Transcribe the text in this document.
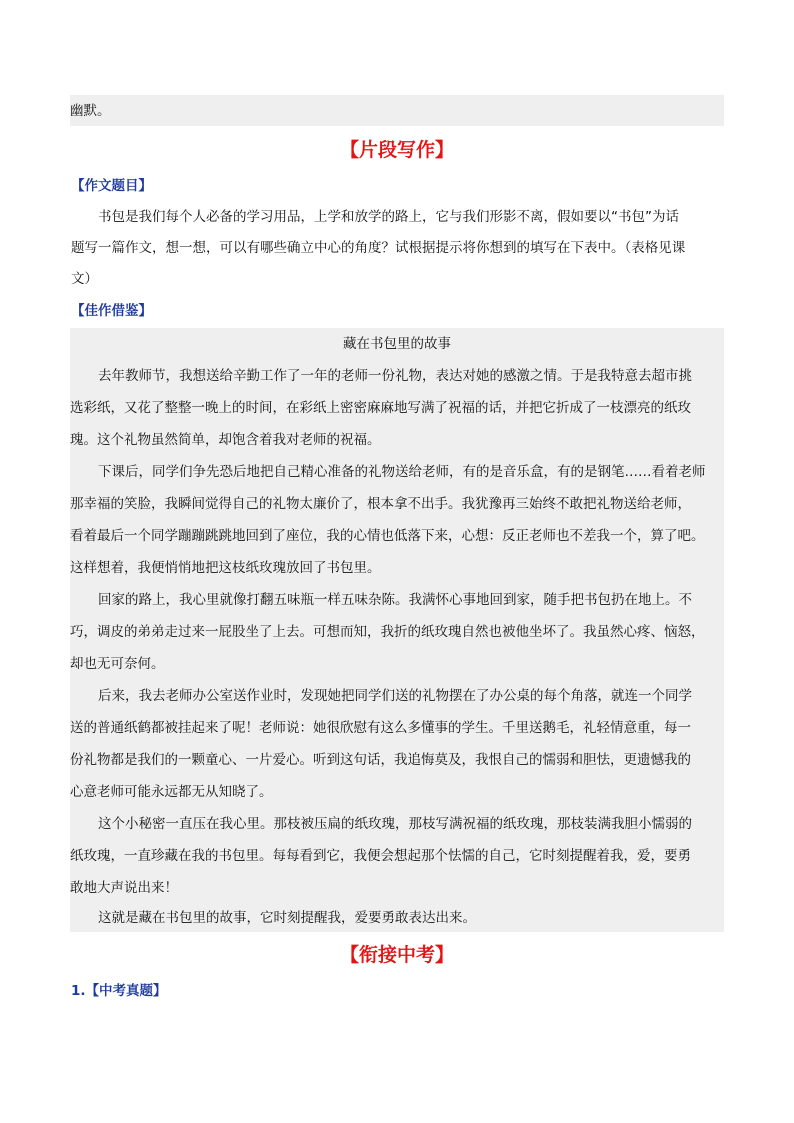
幽默。
【片段写作】
【作文题目】
书包是我们每个人必备的学习用品，上学和放学的路上，它与我们形影不离，假如要以“书包”为话
题写一篇作文，想一想，可以有哪些确立中心的角度？试根据提示将你想到的填写在下表中。（表格见课
文）
【佳作借鉴】
藏在书包里的故事
去年教师节，我想送给辛勤工作了一年的老师一份礼物，表达对她的感激之情。于是我特意去超市挑
选彩纸，又花了整整一晚上的时间，在彩纸上密密麻麻地写满了祝福的话，并把它折成了一枝漂亮的纸玫
瑰。这个礼物虽然简单，却饱含着我对老师的祝福。
下课后，同学们争先恐后地把自己精心准备的礼物送给老师，有的是音乐盒，有的是钢笔……看着老师
那幸福的笑脸，我瞬间觉得自己的礼物太廉价了，根本拿不出手。我犹豫再三始终不敢把礼物送给老师，
看着最后一个同学蹦蹦跳跳地回到了座位，我的心情也低落下来，心想：反正老师也不差我一个，算了吧。
这样想着，我便悄悄地把这枝纸玫瑰放回了书包里。
回家的路上，我心里就像打翻五味瓶一样五味杂陈。我满怀心事地回到家，随手把书包扔在地上。不
巧，调皮的弟弟走过来一屁股坐了上去。可想而知，我折的纸玫瑰自然也被他坐坏了。我虽然心疼、恼怒，
却也无可奈何。
后来，我去老师办公室送作业时，发现她把同学们送的礼物摆在了办公桌的每个角落，就连一个同学
送的普通纸鹤都被挂起来了呢！老师说：她很欣慰有这么多懂事的学生。千里送鹅毛，礼轻情意重，每一
份礼物都是我们的一颗童心、一片爱心。听到这句话，我追悔莫及，我恨自己的懦弱和胆怯，更遗憾我的
心意老师可能永远都无从知晓了。
这个小秘密一直压在我心里。那枝被压扁的纸玫瑰，那枝写满祝福的纸玫瑰，那枝装满我胆小懦弱的
纸玫瑰，一直珍藏在我的书包里。每每看到它，我便会想起那个怯懦的自己，它时刻提醒着我，爱，要勇
敢地大声说出来！
这就是藏在书包里的故事，它时刻提醒我，爱要勇敢表达出来。
【衔接中考】
1.【中考真题】
